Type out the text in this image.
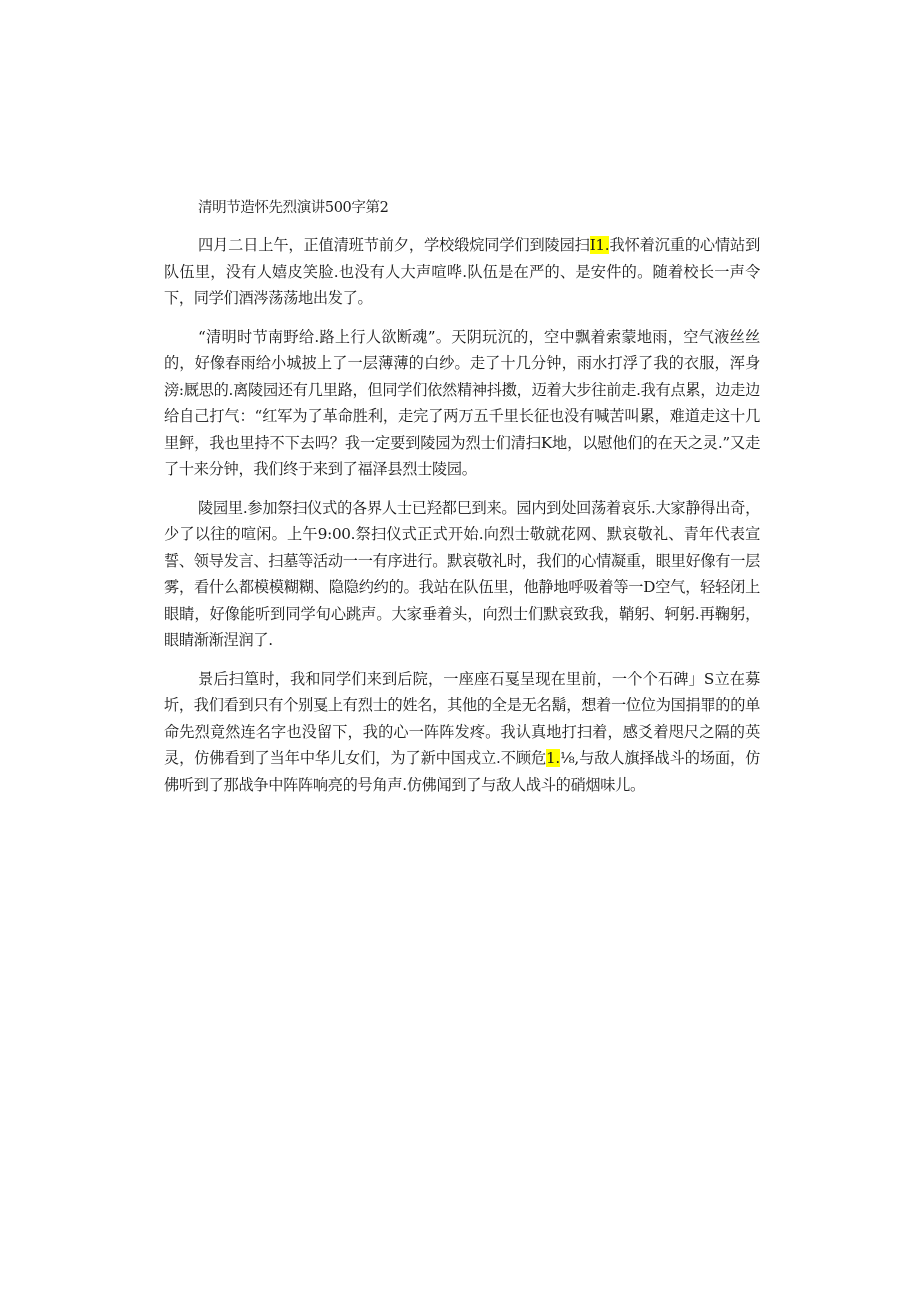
清明节造怀先烈演讲500字第2

四月二日上午，正值清班节前夕，学校缎烷同学们到陵园扫I1.我怀着沉重的心情站到队伍里，没有人嬉皮笑脸.也没有人大声喧哗.队伍是在严的、是安件的。随着校长一声令下，同学们酒涔荡荡地出发了。

“清明时节南野给.路上行人欲断魂”。天阴玩沉的，空中飘着索蒙地雨，空气液丝丝的，好像春雨给小城披上了一层薄薄的白纱。走了十几分钟，雨水打浮了我的衣服，浑身滂:厩思的.离陵园还有几里路，但同学们依然精神抖擞，迈着大步往前走.我有点累，边走边给自己打气：“红军为了革命胜利，走完了两万五千里长征也没有喊苦叫累，难道走这十几里鲆，我也里持不下去吗？我一定要到陵园为烈士们清扫K地，以慰他们的在天之灵.”又走了十来分钟，我们终于来到了福泽县烈士陵园。

陵园里.参加祭扫仪式的各界人士已羟都巳到来。园内到处回荡着哀乐.大家静得出奇，少了以往的喧闲。上午9:00.祭扫仪式正式开始.向烈士敬就花网、默哀敬礼、青年代表宣誓、领导发言、扫墓等活动一一有序进行。默哀敬礼时，我们的心情凝重，眼里好像有一层雾，看什么都模模糊糊、隐隐约约的。我站在队伍里，他静地呼吸着等一D空气，轻轻闭上眼睛，好像能听到同学旬心跳声。大家垂着头，向烈士们默哀致我，鞘躬、轲躬.再鞠躬，眼睛渐渐涅润了.

景后扫篁时，我和同学们来到后院，一座座石戛呈现在里前，一个个石碑」S立在募圻，我们看到只有个别戛上有烈士的姓名，其他的全是无名鬍，想着一位位为国捐罪的的单命先烈竟然连名字也没留下，我的心一阵阵发疼。我认真地打扫着，感爻着咫尺之隔的英灵，仿佛看到了当年中华儿女们，为了新中国戎立.不顾危1.⅛,与敌人旗择战斗的场面，仿佛听到了那战争中阵阵响亮的号角声.仿佛闻到了与敌人战斗的硝烟味儿。
